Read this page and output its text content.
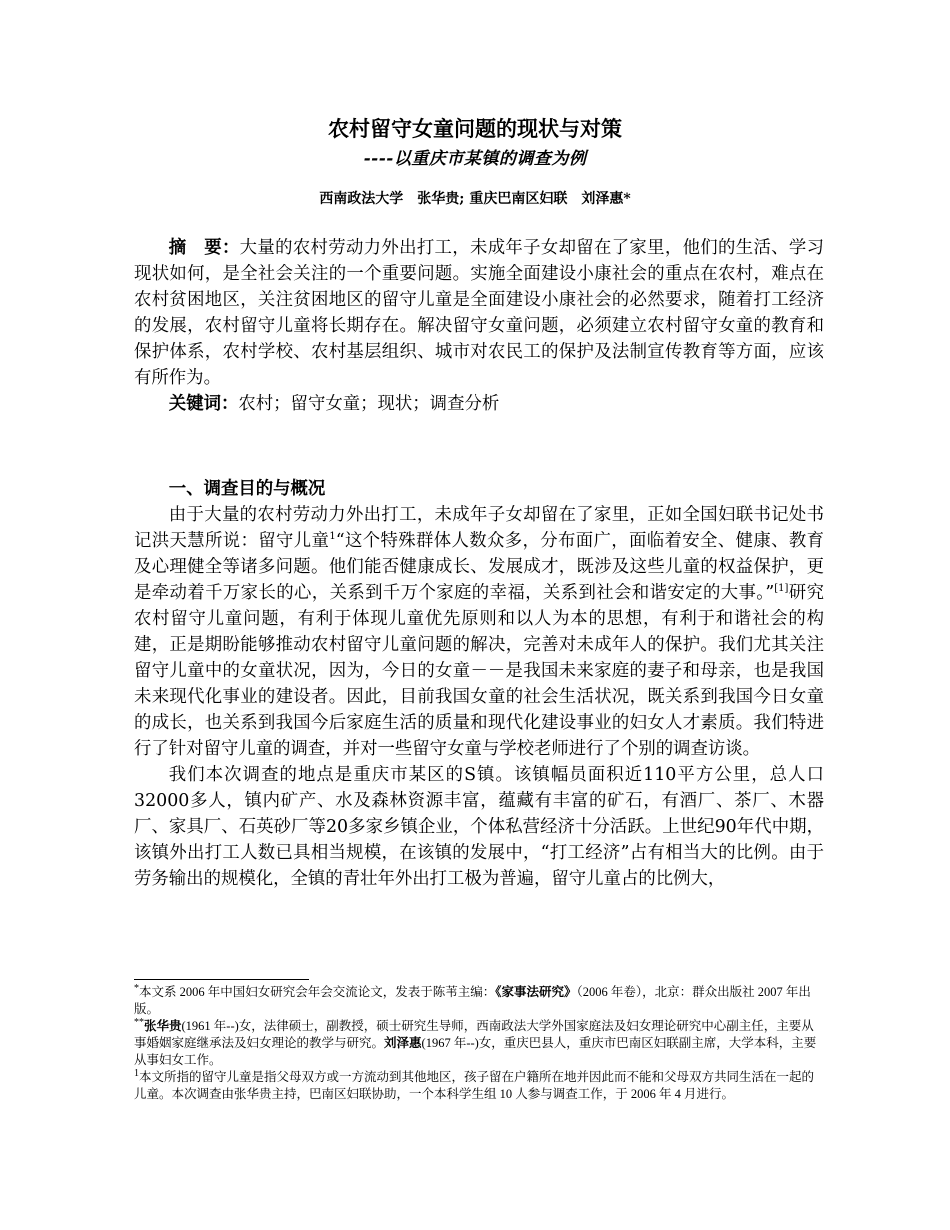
农村留守女童问题的现状与对策
----以重庆市某镇的调查为例
西南政法大学　张华贵; 重庆巴南区妇联　刘泽惠*

摘　要：大量的农村劳动力外出打工，未成年子女却留在了家里，他们的生活、学习现状如何，是全社会关注的一个重要问题。实施全面建设小康社会的重点在农村，难点在农村贫困地区，关注贫困地区的留守儿童是全面建设小康社会的必然要求，随着打工经济的发展，农村留守儿童将长期存在。解决留守女童问题，必须建立农村留守女童的教育和保护体系，农村学校、农村基层组织、城市对农民工的保护及法制宣传教育等方面，应该有所作为。

关键词：农村；留守女童；现状；调查分析

一、调查目的与概况

由于大量的农村劳动力外出打工，未成年子女却留在了家里，正如全国妇联书记处书记洪天慧所说：留守儿童$^1$“这个特殊群体人数众多，分布面广，面临着安全、健康、教育及心理健全等诸多问题。他们能否健康成长、发展成才，既涉及这些儿童的权益保护，更是牵动着千万家长的心，关系到千万个家庭的幸福，关系到社会和谐安定的大事。”[1]研究农村留守儿童问题，有利于体现儿童优先原则和以人为本的思想，有利于和谐社会的构建，正是期盼能够推动农村留守儿童问题的解决，完善对未成年人的保护。我们尤其关注留守儿童中的女童状况，因为，今日的女童－－是我国未来家庭的妻子和母亲，也是我国未来现代化事业的建设者。因此，目前我国女童的社会生活状况，既关系到我国今日女童的成长，也关系到我国今后家庭生活的质量和现代化建设事业的妇女人才素质。我们特进行了针对留守儿童的调查，并对一些留守女童与学校老师进行了个别的调查访谈。

我们本次调查的地点是重庆市某区的S镇。该镇幅员面积近110平方公里，总人口32000多人，镇内矿产、水及森林资源丰富，蕴藏有丰富的矿石，有酒厂、茶厂、木器厂、家具厂、石英砂厂等20多家乡镇企业，个体私营经济十分活跃。上世纪90年代中期，该镇外出打工人数已具相当规模，在该镇的发展中，“打工经济”占有相当大的比例。由于劳务输出的规模化，全镇的青壮年外出打工极为普遍，留守儿童占的比例大，

*本文系 2006 年中国妇女研究会年会交流论文，发表于陈苇主编：《家事法研究》（2006 年卷），北京：群众出版社 2007 年出版。
**张华贵(1961 年--)女，法律硕士，副教授，硕士研究生导师，西南政法大学外国家庭法及妇女理论研究中心副主任，主要从事婚姻家庭继承法及妇女理论的教学与研究。刘泽惠(1967 年--)女，重庆巴县人，重庆市巴南区妇联副主席，大学本科，主要从事妇女工作。
$^1$本文所指的留守儿童是指父母双方或一方流动到其他地区，孩子留在户籍所在地并因此而不能和父母双方共同生活在一起的儿童。本次调查由张华贵主持，巴南区妇联协助，一个本科学生组 10 人参与调查工作，于 2006 年 4 月进行。
